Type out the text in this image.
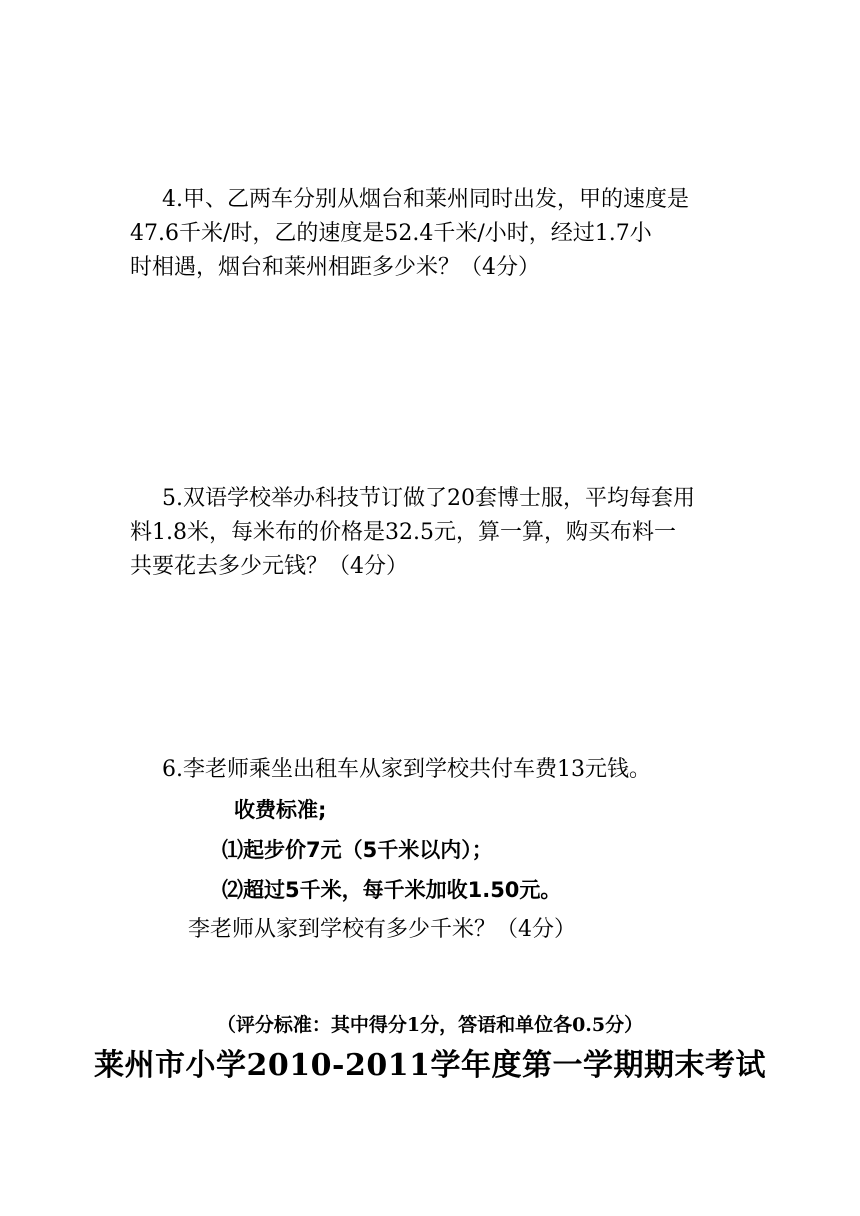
4.甲、乙两车分别从烟台和莱州同时出发，甲的速度是
47.6千米/时，乙的速度是52.4千米/小时，经过1.7小
时相遇，烟台和莱州相距多少米？（4分）
5.双语学校举办科技节订做了20套博士服，平均每套用
料1.8米，每米布的价格是32.5元，算一算，购买布料一
共要花去多少元钱？（4分）
6.李老师乘坐出租车从家到学校共付车费13元钱。
收费标准;
⑴起步价7元（5千米以内）；
⑵超过5千米，每千米加收1.50元。
李老师从家到学校有多少千米？（4分）
（评分标准：其中得分1分，答语和单位各0.5分）
莱州市小学2010-2011学年度第一学期期末考试
